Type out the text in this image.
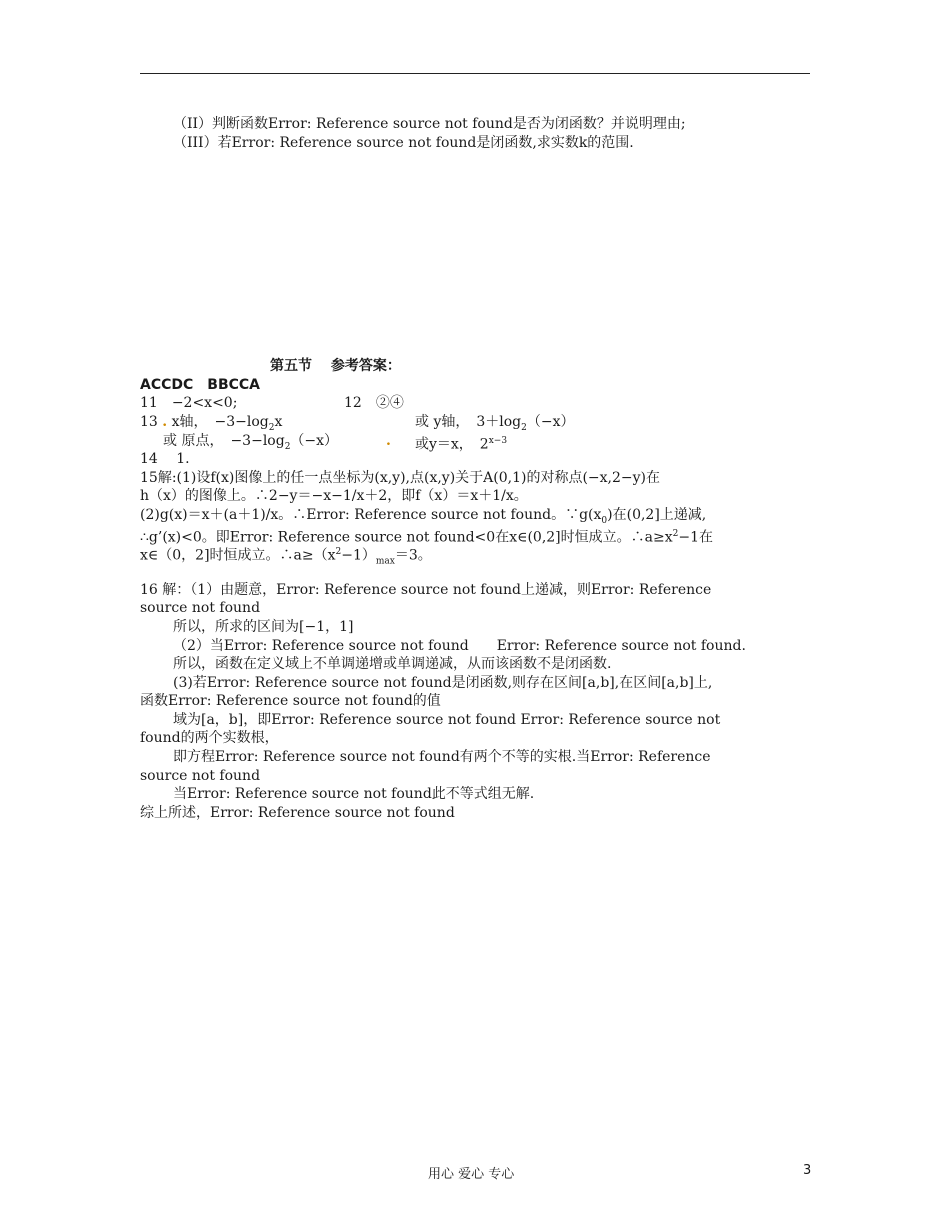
（II）判断函数Error: Reference source not found是否为闭函数？并说明理由;
（III）若Error: Reference source not found是闭函数,求实数k的范围.
第五节　 参考答案：
ACCDC　BBCCA
11　−2<x<0;	12　②④
13 . x轴，　$-3-\log_2x$	或 y轴，　$3+\log_2(-x)$
或 原点，　$-3-\log_2(-x)$	. 或y＝x，　$2^{x-3}$
14　 1.
15解:(1)设f(x)图像上的任一点坐标为(x,y),点(x,y)关于A(0,1)的对称点(−x,2−y)在
h（x）的图像上。∴2−y＝−x−1/x＋2，即f（x）＝x＋1/x。
(2)g(x)＝x＋(a＋1)/x。∴Error: Reference source not found。$\because g(x_0)$在(0,2]上递减,
∴g’(x)<0。即Error: Reference source not found<0在x∈(0,2]时恒成立。$\therefore a\ge x^2-1$在
x∈（0，2]时恒成立。$\therefore a\ge(x^2-1)_{max}=3$。
16 解：（1）由题意，Error: Reference source not found上递减，则Error: Reference
source not found
所以，所求的区间为[−1，1]
（2）当Error: Reference source not found　　Error: Reference source not found.
所以，函数在定义域上不单调递增或单调递减，从而该函数不是闭函数.
(3)若Error: Reference source not found是闭函数,则存在区间[a,b],在区间[a,b]上,
函数Error: Reference source not found的值
域为[a，b]，即Error: Reference source not found Error: Reference source not
found的两个实数根，
即方程Error: Reference source not found有两个不等的实根.当Error: Reference
source not found
当Error: Reference source not found此不等式组无解.
综上所述，Error: Reference source not found
用心 爱心 专心	3
